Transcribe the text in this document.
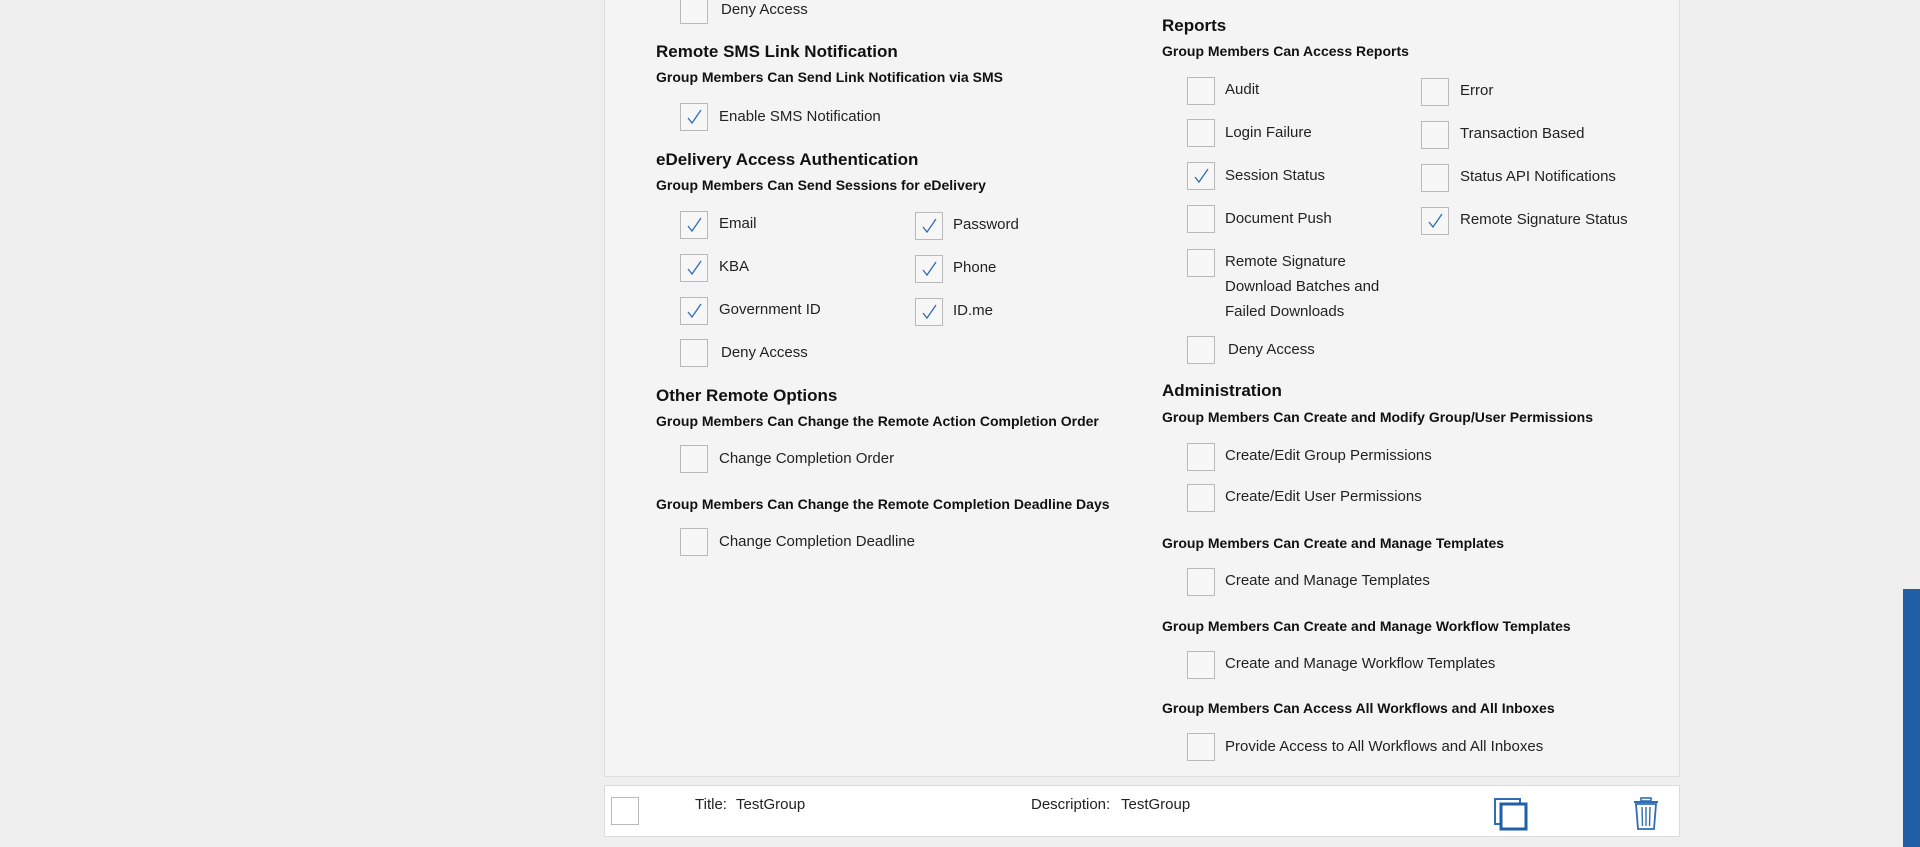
Deny Access
Remote SMS Link Notification
Group Members Can Send Link Notification via SMS
Enable SMS Notification
eDelivery Access Authentication
Group Members Can Send Sessions for eDelivery
Email	Password
KBA	Phone
Government ID	ID.me
Deny Access
Other Remote Options
Group Members Can Change the Remote Action Completion Order
Change Completion Order
Group Members Can Change the Remote Completion Deadline Days
Change Completion Deadline
Reports
Group Members Can Access Reports
Audit	Error
Login Failure	Transaction Based
Session Status	Status API Notifications
Document Push	Remote Signature Status
Remote Signature
Download Batches and
Failed Downloads
Deny Access
Administration
Group Members Can Create and Modify Group/User Permissions
Create/Edit Group Permissions
Create/Edit User Permissions
Group Members Can Create and Manage Templates
Create and Manage Templates
Group Members Can Create and Manage Workflow Templates
Create and Manage Workflow Templates
Group Members Can Access All Workflows and All Inboxes
Provide Access to All Workflows and All Inboxes
Title: TestGroup	Description: TestGroup
